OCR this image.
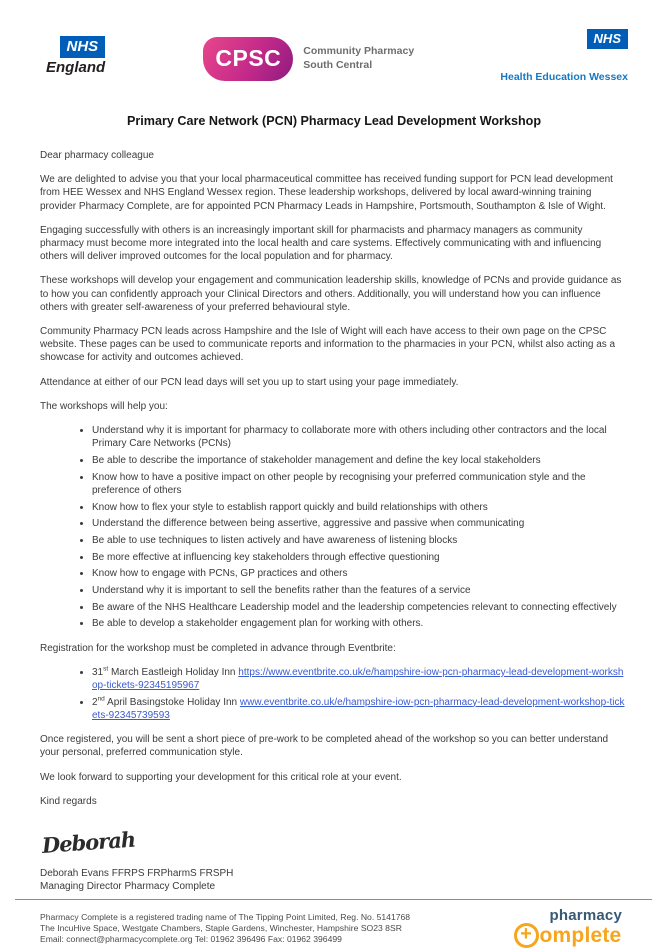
NHS
England	CPSC	Community Pharmacy
South Central
NHS
Health Education Wessex
Primary Care Network (PCN) Pharmacy Lead Development Workshop

Dear pharmacy colleague

We are delighted to advise you that your local pharmaceutical committee has received funding support for PCN lead development from HEE Wessex and NHS England Wessex region. These leadership workshops, delivered by local award-winning training provider Pharmacy Complete, are for appointed PCN Pharmacy Leads in Hampshire, Portsmouth, Southampton & Isle of Wight.

Engaging successfully with others is an increasingly important skill for pharmacists and pharmacy managers as community pharmacy must become more integrated into the local health and care systems. Effectively communicating with and influencing others will deliver improved outcomes for the local population and for pharmacy.

These workshops will develop your engagement and communication leadership skills, knowledge of PCNs and provide guidance as to how you can confidently approach your Clinical Directors and others. Additionally, you will understand how you can influence others with greater self-awareness of your preferred behavioural style.

Community Pharmacy PCN leads across Hampshire and the Isle of Wight will each have access to their own page on the CPSC website. These pages can be used to communicate reports and information to the pharmacies in your PCN, whilst also acting as a showcase for activity and outcomes achieved.

Attendance at either of our PCN lead days will set you up to start using your page immediately.

The workshops will help you:

• Understand why it is important for pharmacy to collaborate more with others including other contractors and the local Primary Care Networks (PCNs)
• Be able to describe the importance of stakeholder management and define the key local stakeholders
• Know how to have a positive impact on other people by recognising your preferred communication style and the preference of others
• Know how to flex your style to establish rapport quickly and build relationships with others
• Understand the difference between being assertive, aggressive and passive when communicating
• Be able to use techniques to listen actively and have awareness of listening blocks
• Be more effective at influencing key stakeholders through effective questioning
• Know how to engage with PCNs, GP practices and others
• Understand why it is important to sell the benefits rather than the features of a service
• Be aware of the NHS Healthcare Leadership model and the leadership competencies relevant to connecting effectively
• Be able to develop a stakeholder engagement plan for working with others.

Registration for the workshop must be completed in advance through Eventbrite:

• 31st March Eastleigh Holiday Inn https://www.eventbrite.co.uk/e/hampshire-iow-pcn-pharmacy-lead-development-workshop-tickets-92345195967
• 2nd April Basingstoke Holiday Inn www.eventbrite.co.uk/e/hampshire-iow-pcn-pharmacy-lead-development-workshop-tickets-92345739593

Once registered, you will be sent a short piece of pre-work to be completed ahead of the workshop so you can better understand your personal, preferred communication style.

We look forward to supporting your development for this critical role at your event.

Kind regards

Deborah

Deborah Evans FFRPS FRPharmS FRSPH

Managing Director Pharmacy Complete

Pharmacy Complete is a registered trading name of The Tipping Point Limited, Reg. No. 5141768
The IncuHive Space, Westgate Chambers, Staple Gardens, Winchester, Hampshire SO23 8SR
Email: connect@pharmacycomplete.org Tel: 01962 396496 Fax: 01962 396499
pharmacy
+ omplete
